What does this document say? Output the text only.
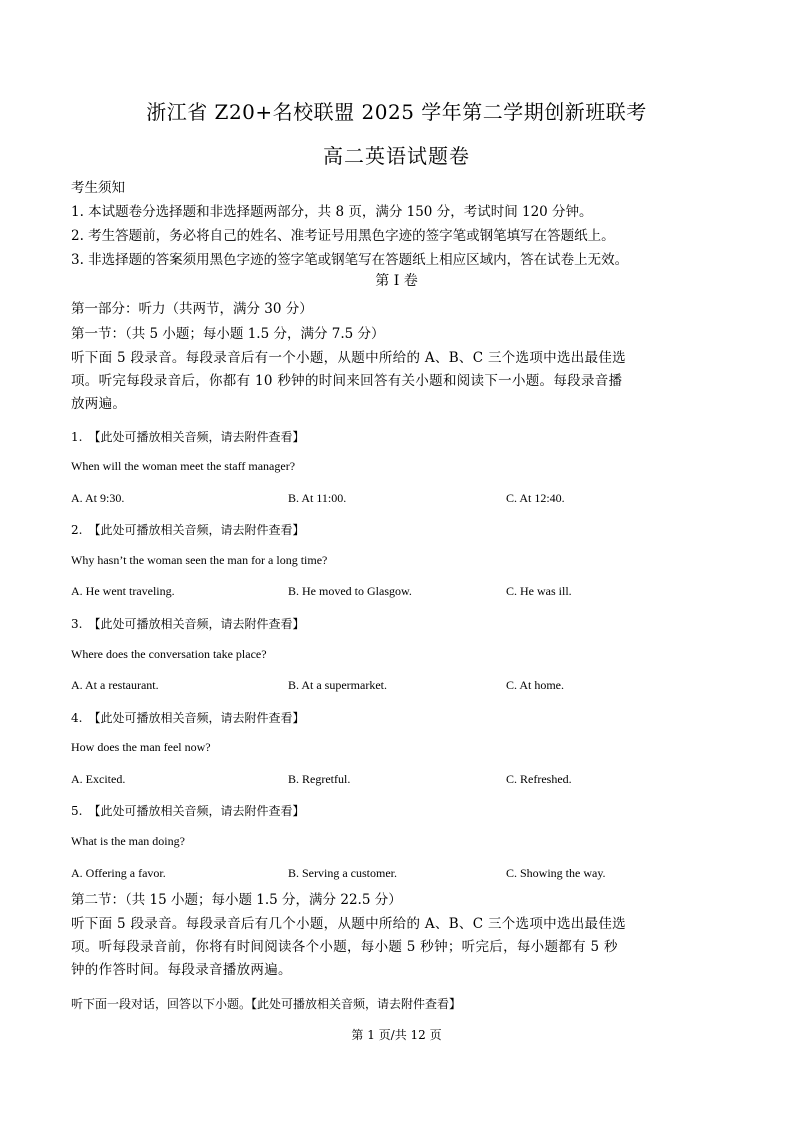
浙江省 Z20+名校联盟 2025 学年第二学期创新班联考
高二英语试题卷
考生须知
1. 本试题卷分选择题和非选择题两部分，共 8 页，满分 150 分，考试时间 120 分钟。
2. 考生答题前，务必将自己的姓名、准考证号用黑色字迹的签字笔或钢笔填写在答题纸上。
3. 非选择题的答案须用黑色字迹的签字笔或钢笔写在答题纸上相应区域内，答在试卷上无效。
第 I 卷
第一部分：听力（共两节，满分 30 分）
第一节：（共 5 小题；每小题 1.5 分，满分 7.5 分）
听下面 5 段录音。每段录音后有一个小题，从题中所给的 A、B、C 三个选项中选出最佳选
项。听完每段录音后，你都有 10 秒钟的时间来回答有关小题和阅读下一小题。每段录音播
放两遍。
1.　【此处可播放相关音频，请去附件查看】
When will the woman meet the staff manager?
A. At 9:30.	B. At 11:00.	C. At 12:40.
2.　【此处可播放相关音频，请去附件查看】
Why hasn’t the woman seen the man for a long time?
A. He went traveling.	B. He moved to Glasgow.	C. He was ill.
3.　【此处可播放相关音频，请去附件查看】
Where does the conversation take place?
A. At a restaurant.	B. At a supermarket.	C. At home.
4.　【此处可播放相关音频，请去附件查看】
How does the man feel now?
A. Excited.	B. Regretful.	C. Refreshed.
5.　【此处可播放相关音频，请去附件查看】
What is the man doing?
A. Offering a favor.	B. Serving a customer.	C. Showing the way.
第二节：（共 15 小题；每小题 1.5 分，满分 22.5 分）
听下面 5 段录音。每段录音后有几个小题，从题中所给的 A、B、C 三个选项中选出最佳选
项。听每段录音前，你将有时间阅读各个小题，每小题 5 秒钟；听完后，每小题都有 5 秒
钟的作答时间。每段录音播放两遍。
听下面一段对话，回答以下小题。【此处可播放相关音频，请去附件查看】
第 1 页/共 12 页
